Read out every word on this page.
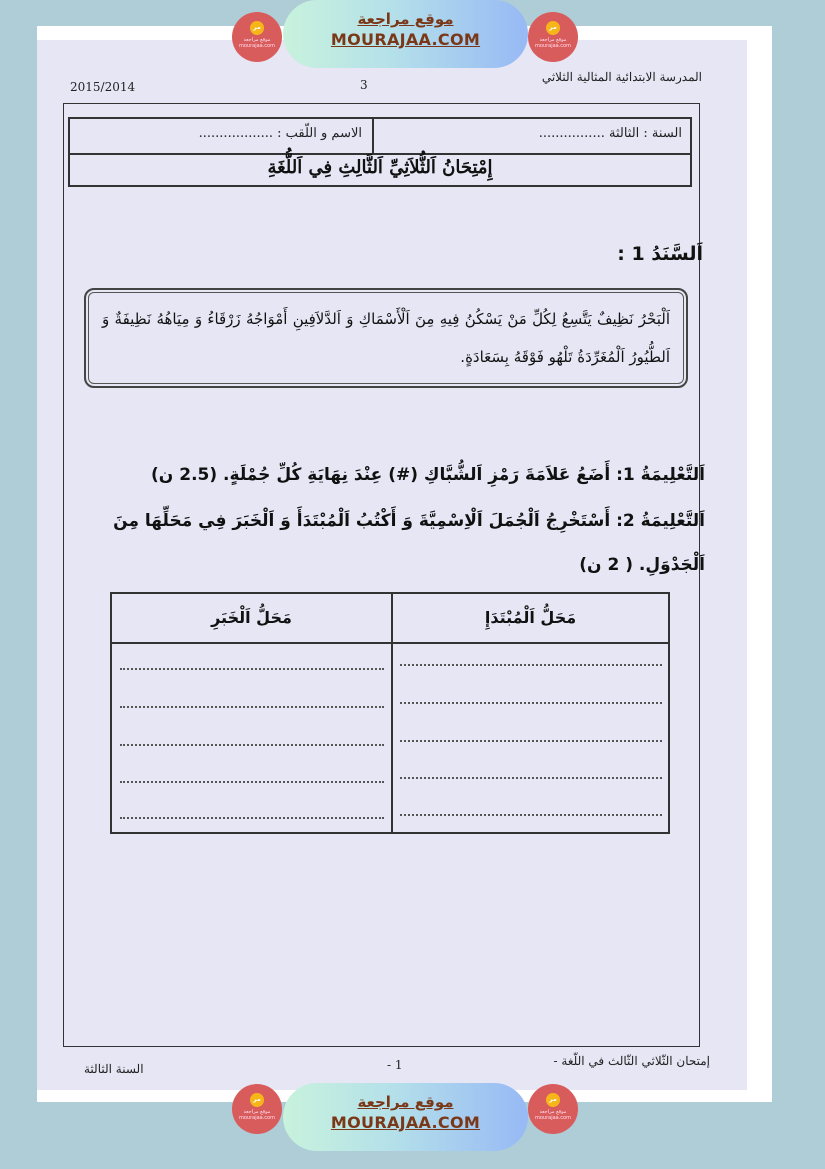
مر
موقع مراجعة mourajaa.com
موقع مراجعة
MOURAJAA.COM
مر
موقع مراجعة mourajaa.com
المدرسة الابتدائية المثالية الثلاثي
3
2015/2014
السنة : الثالثة ................
الاسم و اللّقب : ..................
إِمْتِحَانُ اَلثُّلاَثِيِّ اَلثَّالِثِ فِي اَللُّغَةِ
اَلسَّنَدُ 1 :

اَلْبَحْرُ نَظِيفٌ يَتَّسِعُ لِكُلِّ مَنْ يَسْكُنُ فِيهِ مِنَ اَلْأَسْمَاكِ وَ اَلدَّلاَفِينِ أَمْوَاجُهُ زَرْقَاءُ وَ مِيَاهُهُ نَظِيفَةٌ وَ اَلطُّيُورُ اَلْمُغَرِّدَةُ تَلْهُو فَوْقَهُ بِسَعَادَةٍ.

اَلتَّعْلِيمَةُ 1: أَضَعُ عَلاَمَةَ رَمْزِ اَلشُّبَّاكِ (#) عِنْدَ نِهَايَةِ كُلِّ جُمْلَةٍ. (2.5 ن)
اَلتَّعْلِيمَةُ 2: أَسْتَخْرِجُ اَلْجُمَلَ اَلْاِسْمِيَّةَ وَ أَكْتُبُ اَلْمُبْتَدَأَ وَ اَلْخَبَرَ فِي مَحَلِّهَا مِنَ
اَلْجَدْوَلِ. ( 2 ن)
مَحَلُّ اَلْمُبْتَدَإِ
مَحَلُّ اَلْخَبَرِ
السنة الثالثة	- 1	إمتحان الثّلاثي الثّالث في اللّغة -
مر
موقع مراجعة mourajaa.com
موقع مراجعة
MOURAJAA.COM
مر
موقع مراجعة mourajaa.com
